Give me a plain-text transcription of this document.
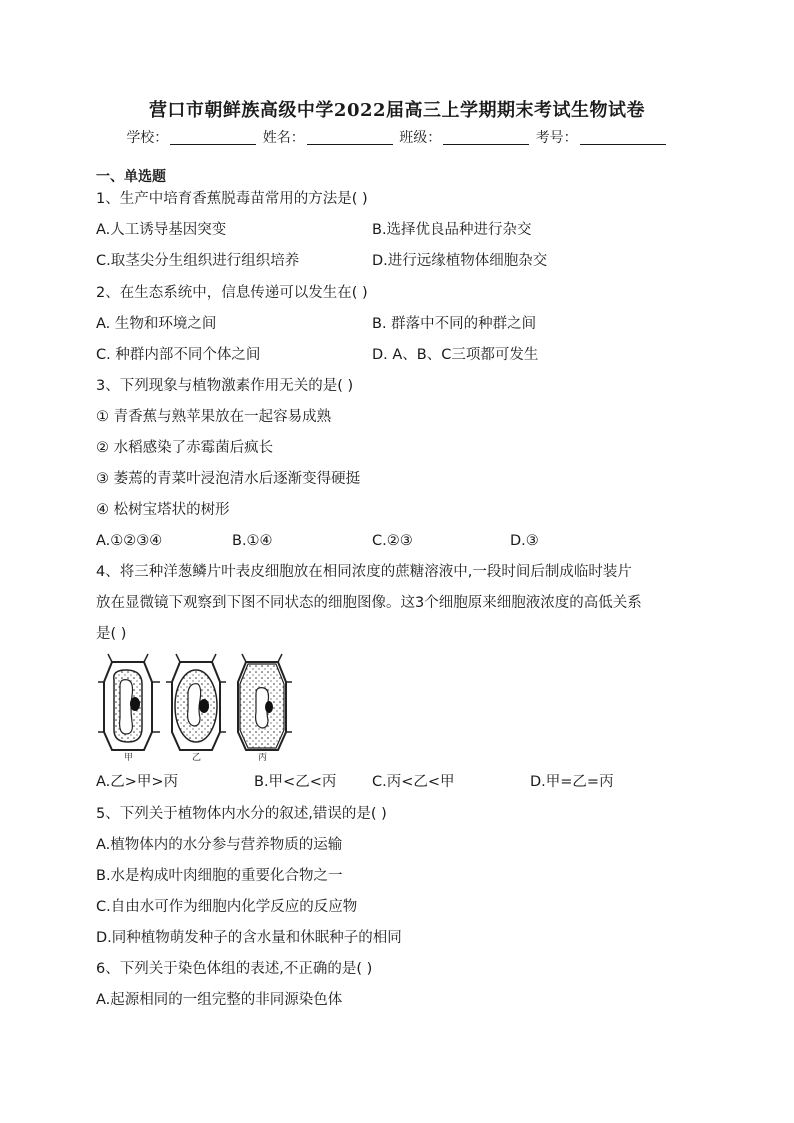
营口市朝鲜族高级中学2022届高三上学期期末考试生物试卷
学校：	姓名：	班级：	考号：
一、单选题
1、生产中培育香蕉脱毒苗常用的方法是( )
A.人工诱导基因突变	B.选择优良品种进行杂交
C.取茎尖分生组织进行组织培养	D.进行远缘植物体细胞杂交
2、在生态系统中，信息传递可以发生在( )
A. 生物和环境之间	B. 群落中不同的种群之间
C. 种群内部不同个体之间	D. A、B、C三项都可发生
3、下列现象与植物激素作用无关的是( )
① 青香蕉与熟苹果放在一起容易成熟
② 水稻感染了赤霉菌后疯长
③ 萎蔫的青菜叶浸泡清水后逐渐变得硬挺
④ 松树宝塔状的树形
A.①②③④	B.①④	C.②③	D.③
4、将三种洋葱鳞片叶表皮细胞放在相同浓度的蔗糖溶液中,一段时间后制成临时装片
放在显微镜下观察到下图不同状态的细胞图像。这3个细胞原来细胞液浓度的高低关系
是( )
甲	乙	丙
A.乙>甲>丙	B.甲<乙<丙 C.丙<乙<甲	D.甲=乙=丙
5、下列关于植物体内水分的叙述,错误的是( )
A.植物体内的水分参与营养物质的运输
B.水是构成叶肉细胞的重要化合物之一
C.自由水可作为细胞内化学反应的反应物
D.同种植物萌发种子的含水量和休眠种子的相同
6、下列关于染色体组的表述,不正确的是( )
A.起源相同的一组完整的非同源染色体
